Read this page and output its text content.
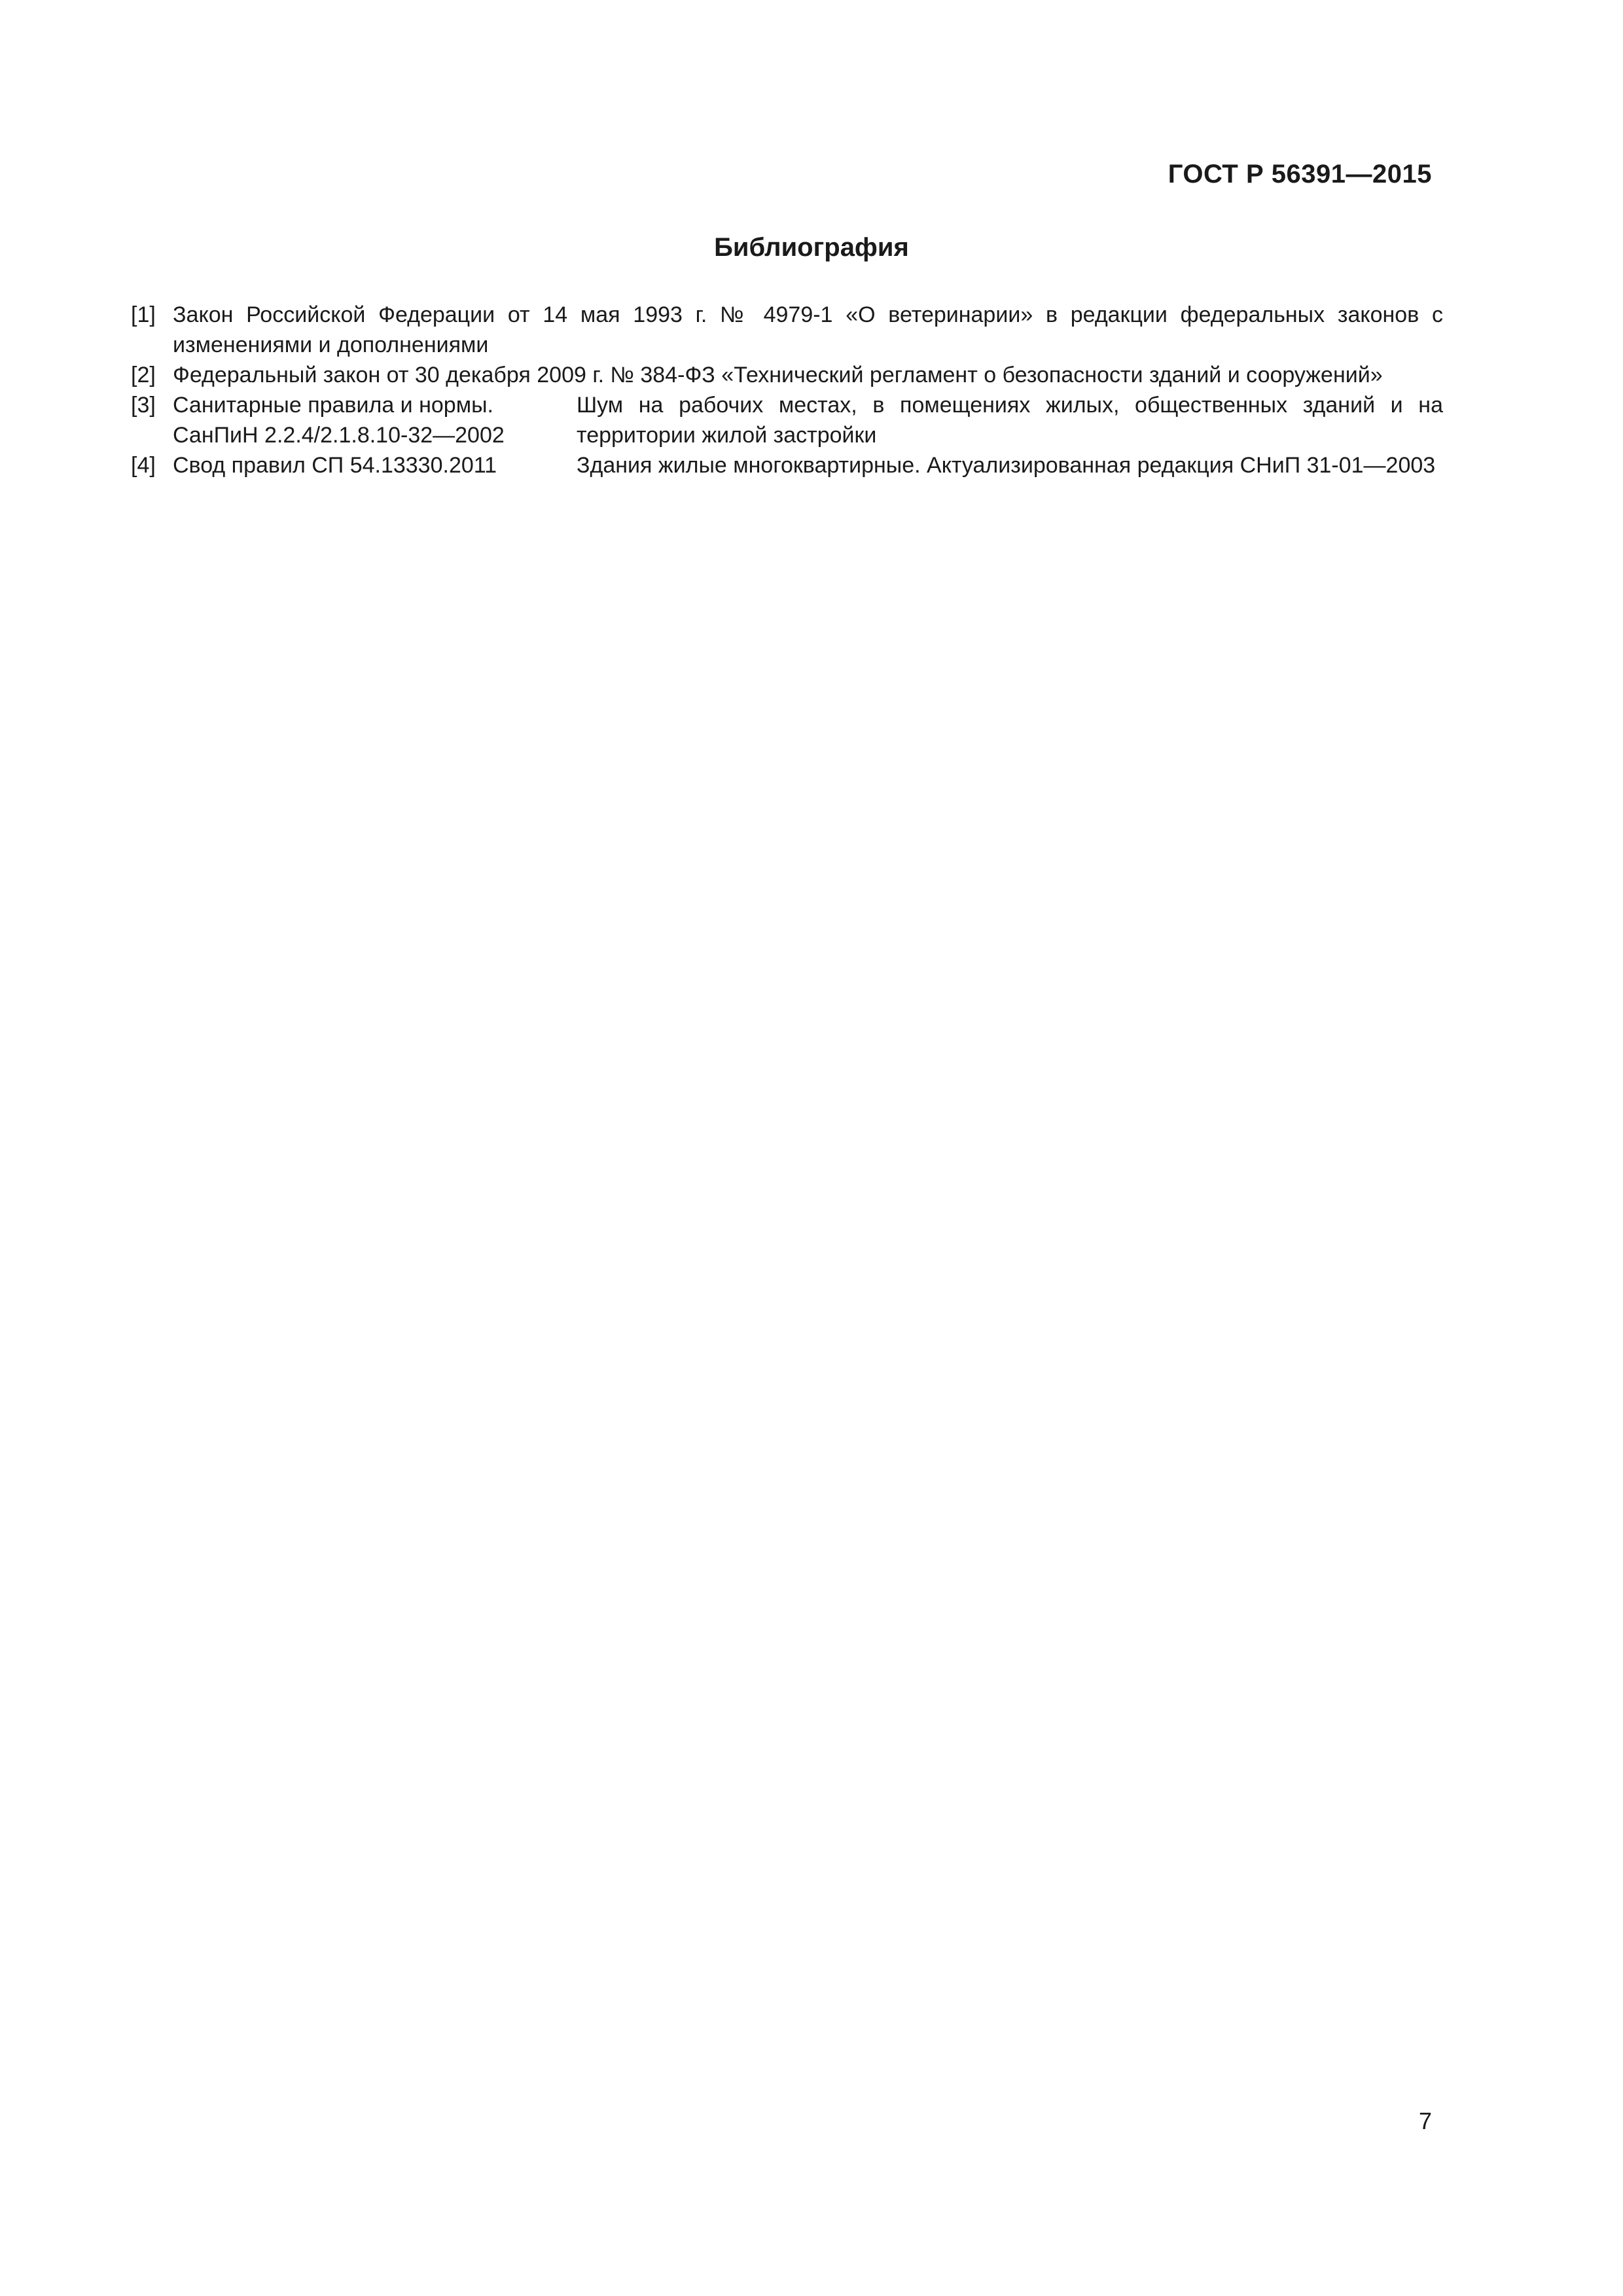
ГОСТ Р 56391—2015
Библиография
[1] Закон Российской Федерации от 14 мая 1993 г. № 4979-1 «О ветеринарии» в редакции федеральных законов с изменениями и дополнениями
[2] Федеральный закон от 30 декабря 2009 г. № 384-ФЗ «Технический регламент о безопасности зданий и сооружений»
[3] Санитарные правила и нормы.
СанПиН 2.2.4/2.1.8.10-32—2002
Шум на рабочих местах, в помещениях жилых, общественных зданий и на территории жилой застройки
[4] Свод правил СП 54.13330.2011	Здания жилые многоквартирные. Актуализированная редакция СНиП 31-01—2003
7
